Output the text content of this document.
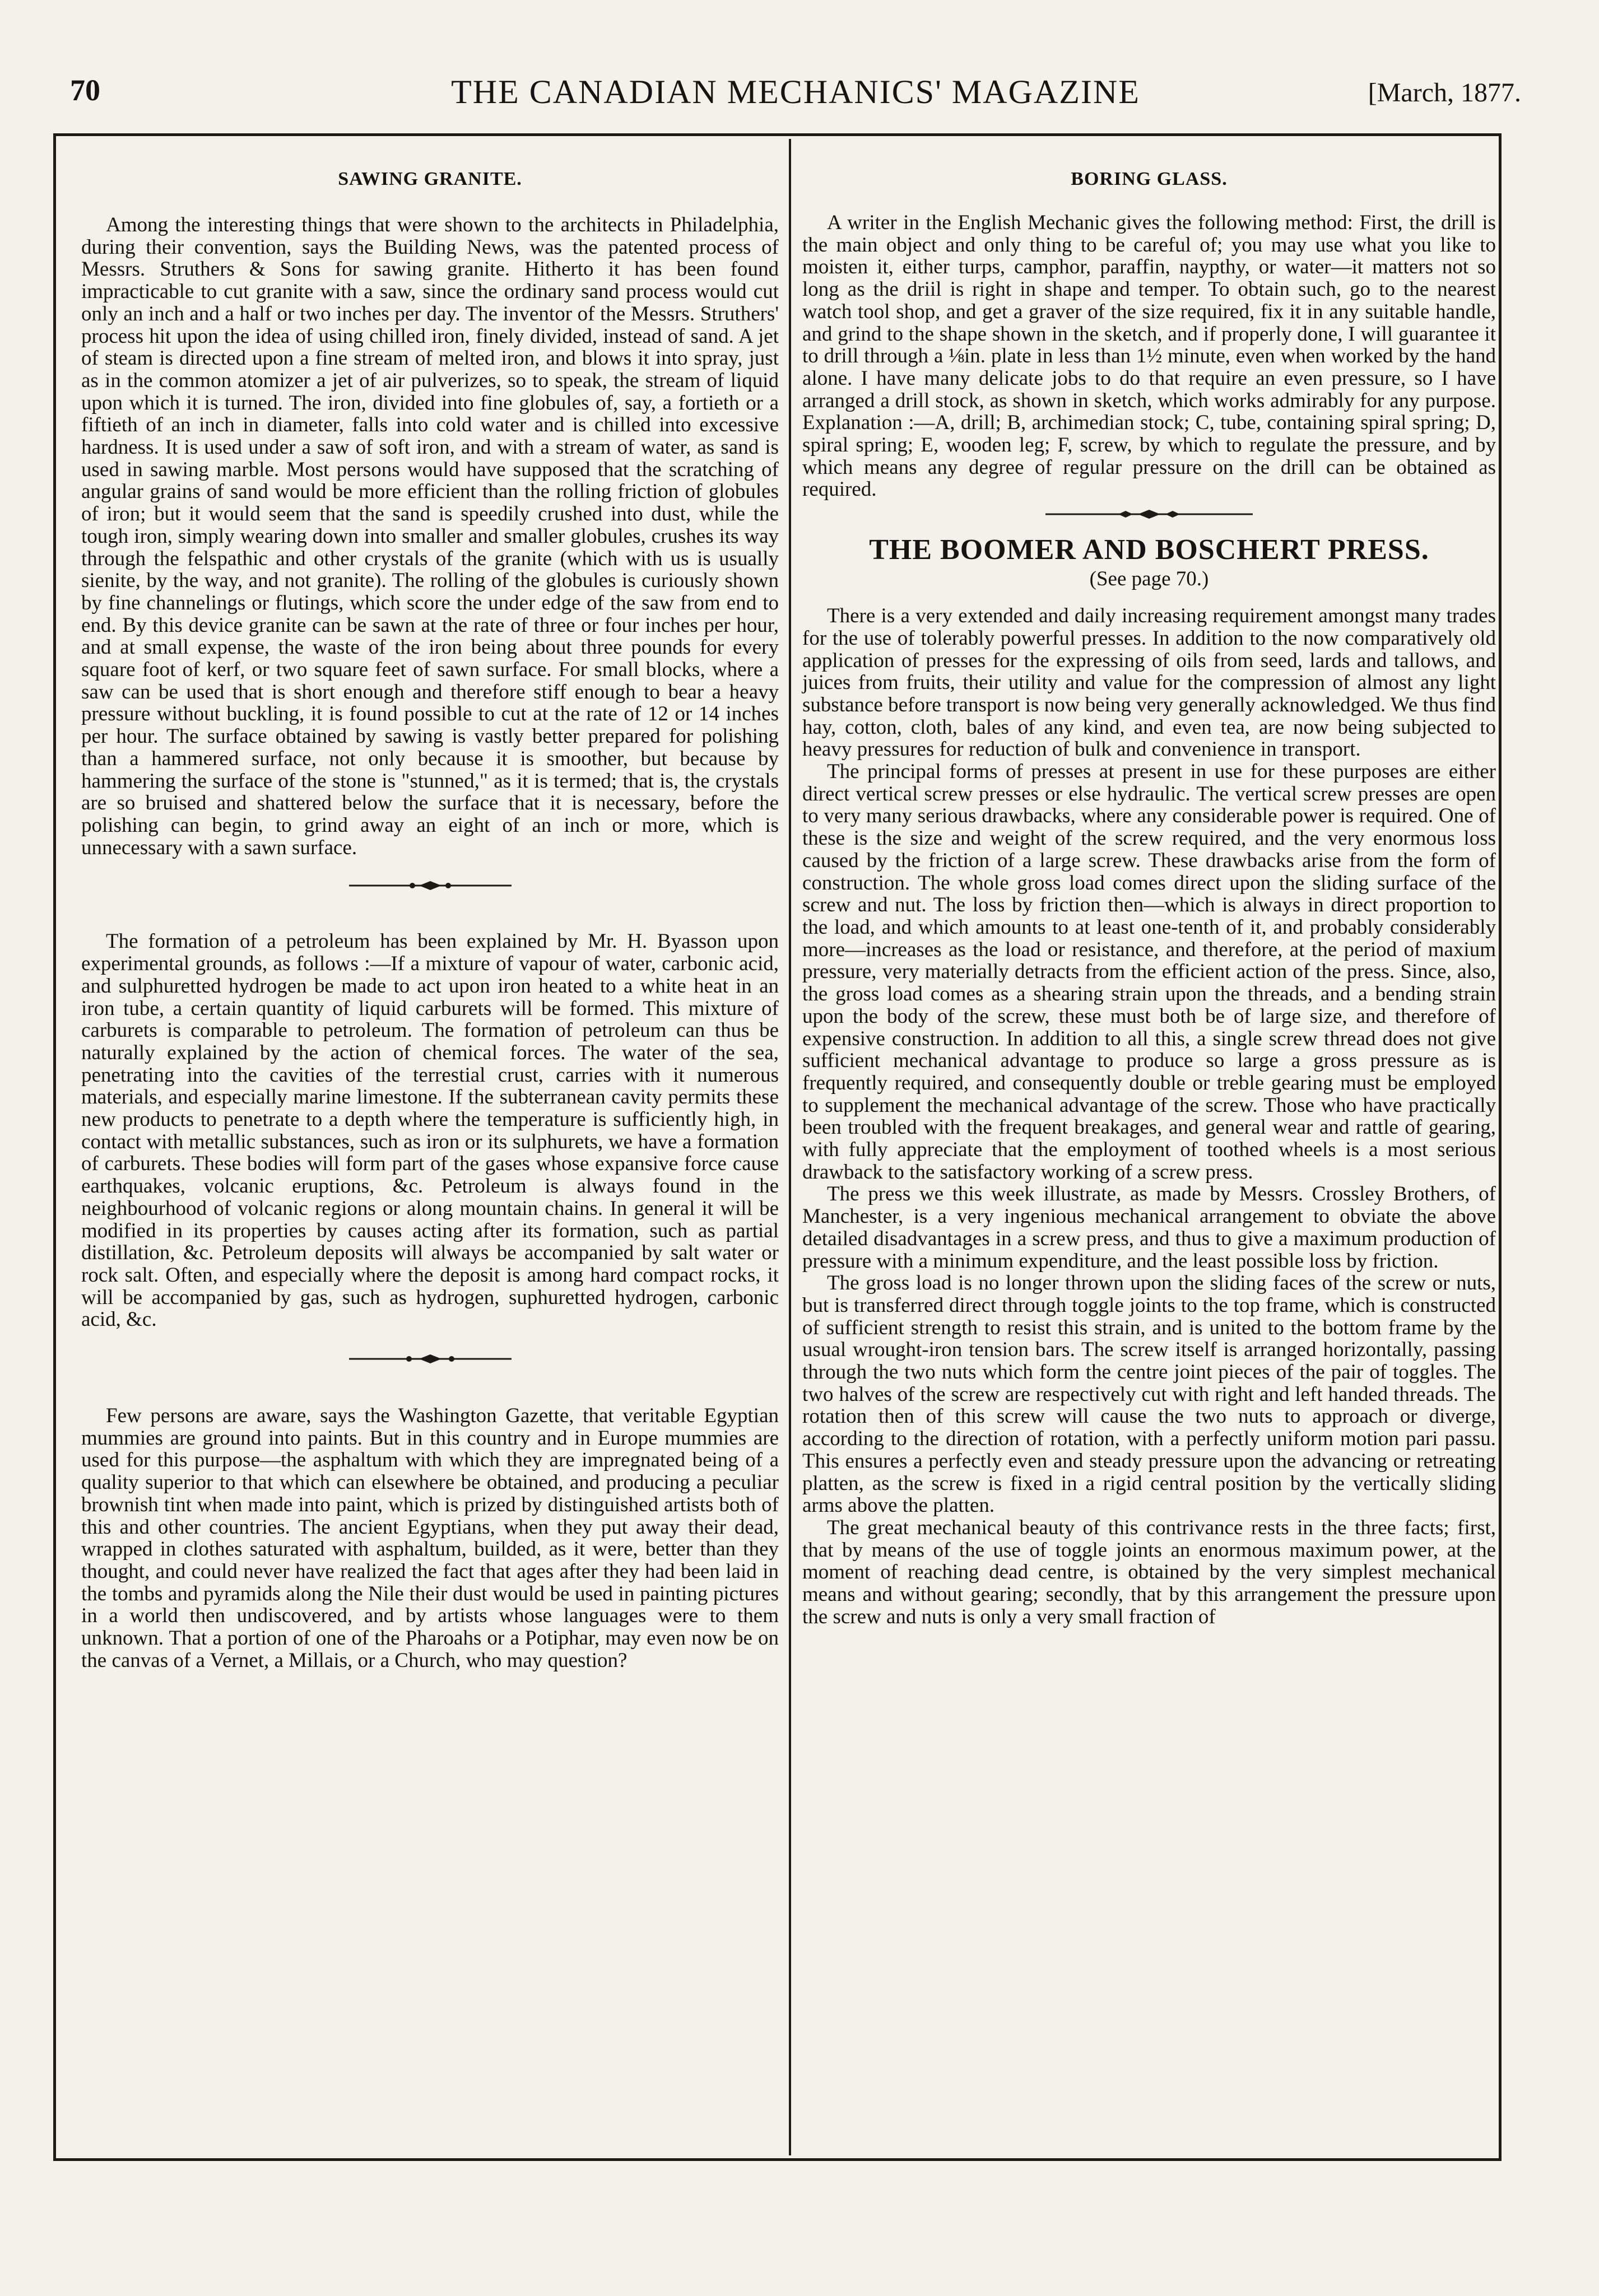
70	THE CANADIAN MECHANICS' MAGAZINE	[March, 1877.
SAWING GRANITE.

Among the interesting things that were shown to the architects in Philadelphia, during their convention, says the Building News, was the patented process of Messrs. Struthers & Sons for sawing granite. Hitherto it has been found impracticable to cut granite with a saw, since the ordinary sand process would cut only an inch and a half or two inches per day. The inventor of the Messrs. Struthers' process hit upon the idea of using chilled iron, finely divided, instead of sand. A jet of steam is directed upon a fine stream of melted iron, and blows it into spray, just as in the common atomizer a jet of air pulverizes, so to speak, the stream of liquid upon which it is turned. The iron, divided into fine globules of, say, a fortieth or a fiftieth of an inch in diameter, falls into cold water and is chilled into excessive hardness. It is used under a saw of soft iron, and with a stream of water, as sand is used in sawing marble. Most persons would have supposed that the scratching of angular grains of sand would be more efficient than the rolling friction of globules of iron; but it would seem that the sand is speedily crushed into dust, while the tough iron, simply wearing down into smaller and smaller globules, crushes its way through the felspathic and other crystals of the granite (which with us is usually sienite, by the way, and not granite). The rolling of the globules is curiously shown by fine channelings or flutings, which score the under edge of the saw from end to end. By this device granite can be sawn at the rate of three or four inches per hour, and at small expense, the waste of the iron being about three pounds for every square foot of kerf, or two square feet of sawn surface. For small blocks, where a saw can be used that is short enough and therefore stiff enough to bear a heavy pressure without buckling, it is found possible to cut at the rate of 12 or 14 inches per hour. The surface obtained by sawing is vastly better prepared for polishing than a hammered surface, not only because it is smoother, but because by hammering the surface of the stone is "stunned," as it is termed; that is, the crystals are so bruised and shattered below the surface that it is necessary, before the polishing can begin, to grind away an eight of an inch or more, which is unnecessary with a sawn surface.

The formation of a petroleum has been explained by Mr. H. Byasson upon experimental grounds, as follows :—If a mixture of vapour of water, carbonic acid, and sulphuretted hydrogen be made to act upon iron heated to a white heat in an iron tube, a certain quantity of liquid carburets will be formed. This mixture of carburets is comparable to petroleum. The formation of petroleum can thus be naturally explained by the action of chemical forces. The water of the sea, penetrating into the cavities of the terrestial crust, carries with it numerous materials, and especially marine limestone. If the subterranean cavity permits these new products to penetrate to a depth where the temperature is sufficiently high, in contact with metallic substances, such as iron or its sulphurets, we have a formation of carburets. These bodies will form part of the gases whose expansive force cause earthquakes, volcanic eruptions, &c. Petroleum is always found in the neighbourhood of volcanic regions or along mountain chains. In general it will be modified in its properties by causes acting after its formation, such as partial distillation, &c. Petroleum deposits will always be accompanied by salt water or rock salt. Often, and especially where the deposit is among hard compact rocks, it will be accompanied by gas, such as hydrogen, suphuretted hydrogen, carbonic acid, &c.

Few persons are aware, says the Washington Gazette, that veritable Egyptian mummies are ground into paints. But in this country and in Europe mummies are used for this purpose—the asphaltum with which they are impregnated being of a quality superior to that which can elsewhere be obtained, and producing a peculiar brownish tint when made into paint, which is prized by distinguished artists both of this and other countries. The ancient Egyptians, when they put away their dead, wrapped in clothes saturated with asphaltum, builded, as it were, better than they thought, and could never have realized the fact that ages after they had been laid in the tombs and pyramids along the Nile their dust would be used in painting pictures in a world then undiscovered, and by artists whose languages were to them unknown. That a portion of one of the Pharoahs or a Potiphar, may even now be on the canvas of a Vernet, a Millais, or a Church, who may question?

BORING GLASS.

A writer in the English Mechanic gives the following method: First, the drill is the main object and only thing to be careful of; you may use what you like to moisten it, either turps, camphor, paraffin, naypthy, or water—it matters not so long as the driil is right in shape and temper. To obtain such, go to the nearest watch tool shop, and get a graver of the size required, fix it in any suitable handle, and grind to the shape shown in the sketch, and if properly done, I will guarantee it to drill through a ⅛in. plate in less than 1½ minute, even when worked by the hand alone. I have many delicate jobs to do that require an even pressure, so I have arranged a drill stock, as shown in sketch, which works admirably for any purpose. Explanation :—A, drill; B, archimedian stock; C, tube, containing spiral spring; D, spiral spring; E, wooden leg; F, screw, by which to regulate the pressure, and by which means any degree of regular pressure on the drill can be obtained as required.

THE BOOMER AND BOSCHERT PRESS.
(See page 70.)

There is a very extended and daily increasing requirement amongst many trades for the use of tolerably powerful presses. In addition to the now comparatively old application of presses for the expressing of oils from seed, lards and tallows, and juices from fruits, their utility and value for the compression of almost any light substance before transport is now being very generally acknowledged. We thus find hay, cotton, cloth, bales of any kind, and even tea, are now being subjected to heavy pressures for reduction of bulk and convenience in transport.

The principal forms of presses at present in use for these purposes are either direct vertical screw presses or else hydraulic. The vertical screw presses are open to very many serious drawbacks, where any considerable power is required. One of these is the size and weight of the screw required, and the very enormous loss caused by the friction of a large screw. These drawbacks arise from the form of construction. The whole gross load comes direct upon the sliding surface of the screw and nut. The loss by friction then—which is always in direct proportion to the load, and which amounts to at least one-tenth of it, and probably considerably more—increases as the load or resistance, and therefore, at the period of maxium pressure, very materially detracts from the efficient action of the press. Since, also, the gross load comes as a shearing strain upon the threads, and a bending strain upon the body of the screw, these must both be of large size, and therefore of expensive construction. In addition to all this, a single screw thread does not give sufficient mechanical advantage to produce so large a gross pressure as is frequently required, and consequently double or treble gearing must be employed to supplement the mechanical advantage of the screw. Those who have practically been troubled with the frequent breakages, and general wear and rattle of gearing, with fully appreciate that the employment of toothed wheels is a most serious drawback to the satisfactory working of a screw press.

The press we this week illustrate, as made by Messrs. Crossley Brothers, of Manchester, is a very ingenious mechanical arrangement to obviate the above detailed disadvantages in a screw press, and thus to give a maximum production of pressure with a minimum expenditure, and the least possible loss by friction.

The gross load is no longer thrown upon the sliding faces of the screw or nuts, but is transferred direct through toggle joints to the top frame, which is constructed of sufficient strength to resist this strain, and is united to the bottom frame by the usual wrought-iron tension bars. The screw itself is arranged horizontally, passing through the two nuts which form the centre joint pieces of the pair of toggles. The two halves of the screw are respectively cut with right and left handed threads. The rotation then of this screw will cause the two nuts to approach or diverge, according to the direction of rotation, with a perfectly uniform motion pari passu. This ensures a perfectly even and steady pressure upon the advancing or retreating platten, as the screw is fixed in a rigid central position by the vertically sliding arms above the platten.

The great mechanical beauty of this contrivance rests in the three facts; first, that by means of the use of toggle joints an enormous maximum power, at the moment of reaching dead centre, is obtained by the very simplest mechanical means and without gearing; secondly, that by this arrangement the pressure upon the screw and nuts is only a very small fraction of
